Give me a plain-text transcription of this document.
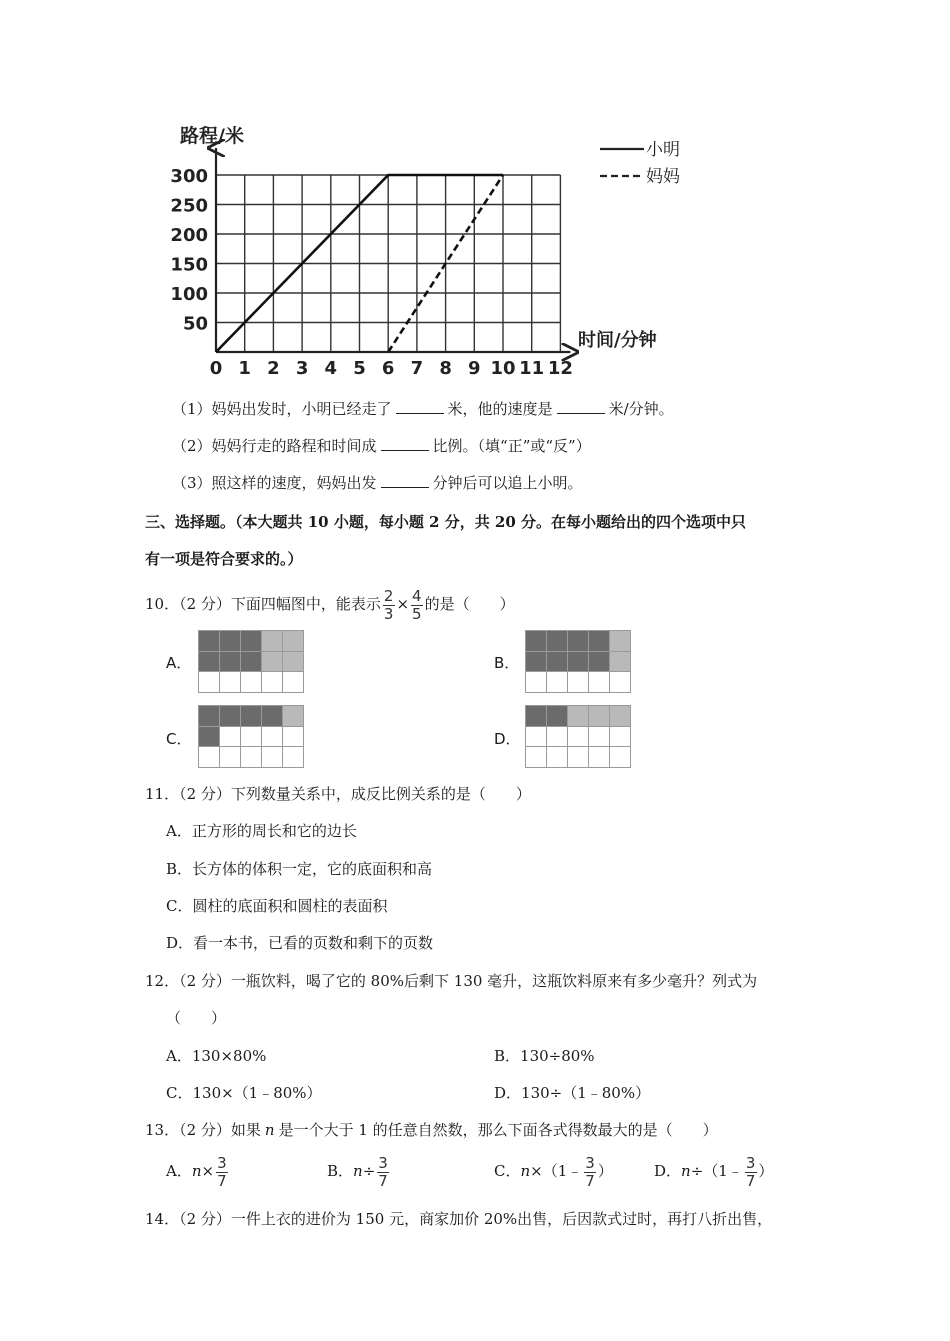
0 1 2 3 4 5 6 7 8 9 10 11 12
50
100
150
200
250
300
路程/米
时间/分钟
小明
妈妈
（1）妈妈出发时，小明已经走了	米，他的速度是	米/分钟。
（2）妈妈行走的路程和时间成	比例。（填“正”或“反”）
（3）照这样的速度，妈妈出发	分钟后可以追上小明。
三、选择题。（本大题共 10 小题，每小题 2 分，共 20 分。在每小题给出的四个选项中只
有一项是符合要求的。）
10．（2 分）下面四幅图中，能表示 $\frac{2}{3} \times \frac{4}{5}$ 的是（　　）
A．	B．
C．	D．
11．（2 分）下列数量关系中，成反比例关系的是（　　）
A．正方形的周长和它的边长
B．长方体的体积一定，它的底面积和高
C．圆柱的底面积和圆柱的表面积
D．看一本书，已看的页数和剩下的页数
12．（2 分）一瓶饮料，喝了它的 80%后剩下 130 毫升，这瓶饮料原来有多少毫升？列式为
（　　）
A．130×80%	B．130÷80%
C．130×（1﹣80%）	D．130÷（1﹣80%）
13．（2 分）如果 n 是一个大于 1 的任意自然数，那么下面各式得数最大的是（　　）
A．$n\times \frac{3}{7}$	B．$n\div \frac{3}{7}$	C．n×（1﹣ $\frac{3}{7}$ ）	D．n÷（1﹣ $\frac{3}{7}$ ）
14．（2 分）一件上衣的进价为 150 元，商家加价 20%出售，后因款式过时，再打八折出售，
